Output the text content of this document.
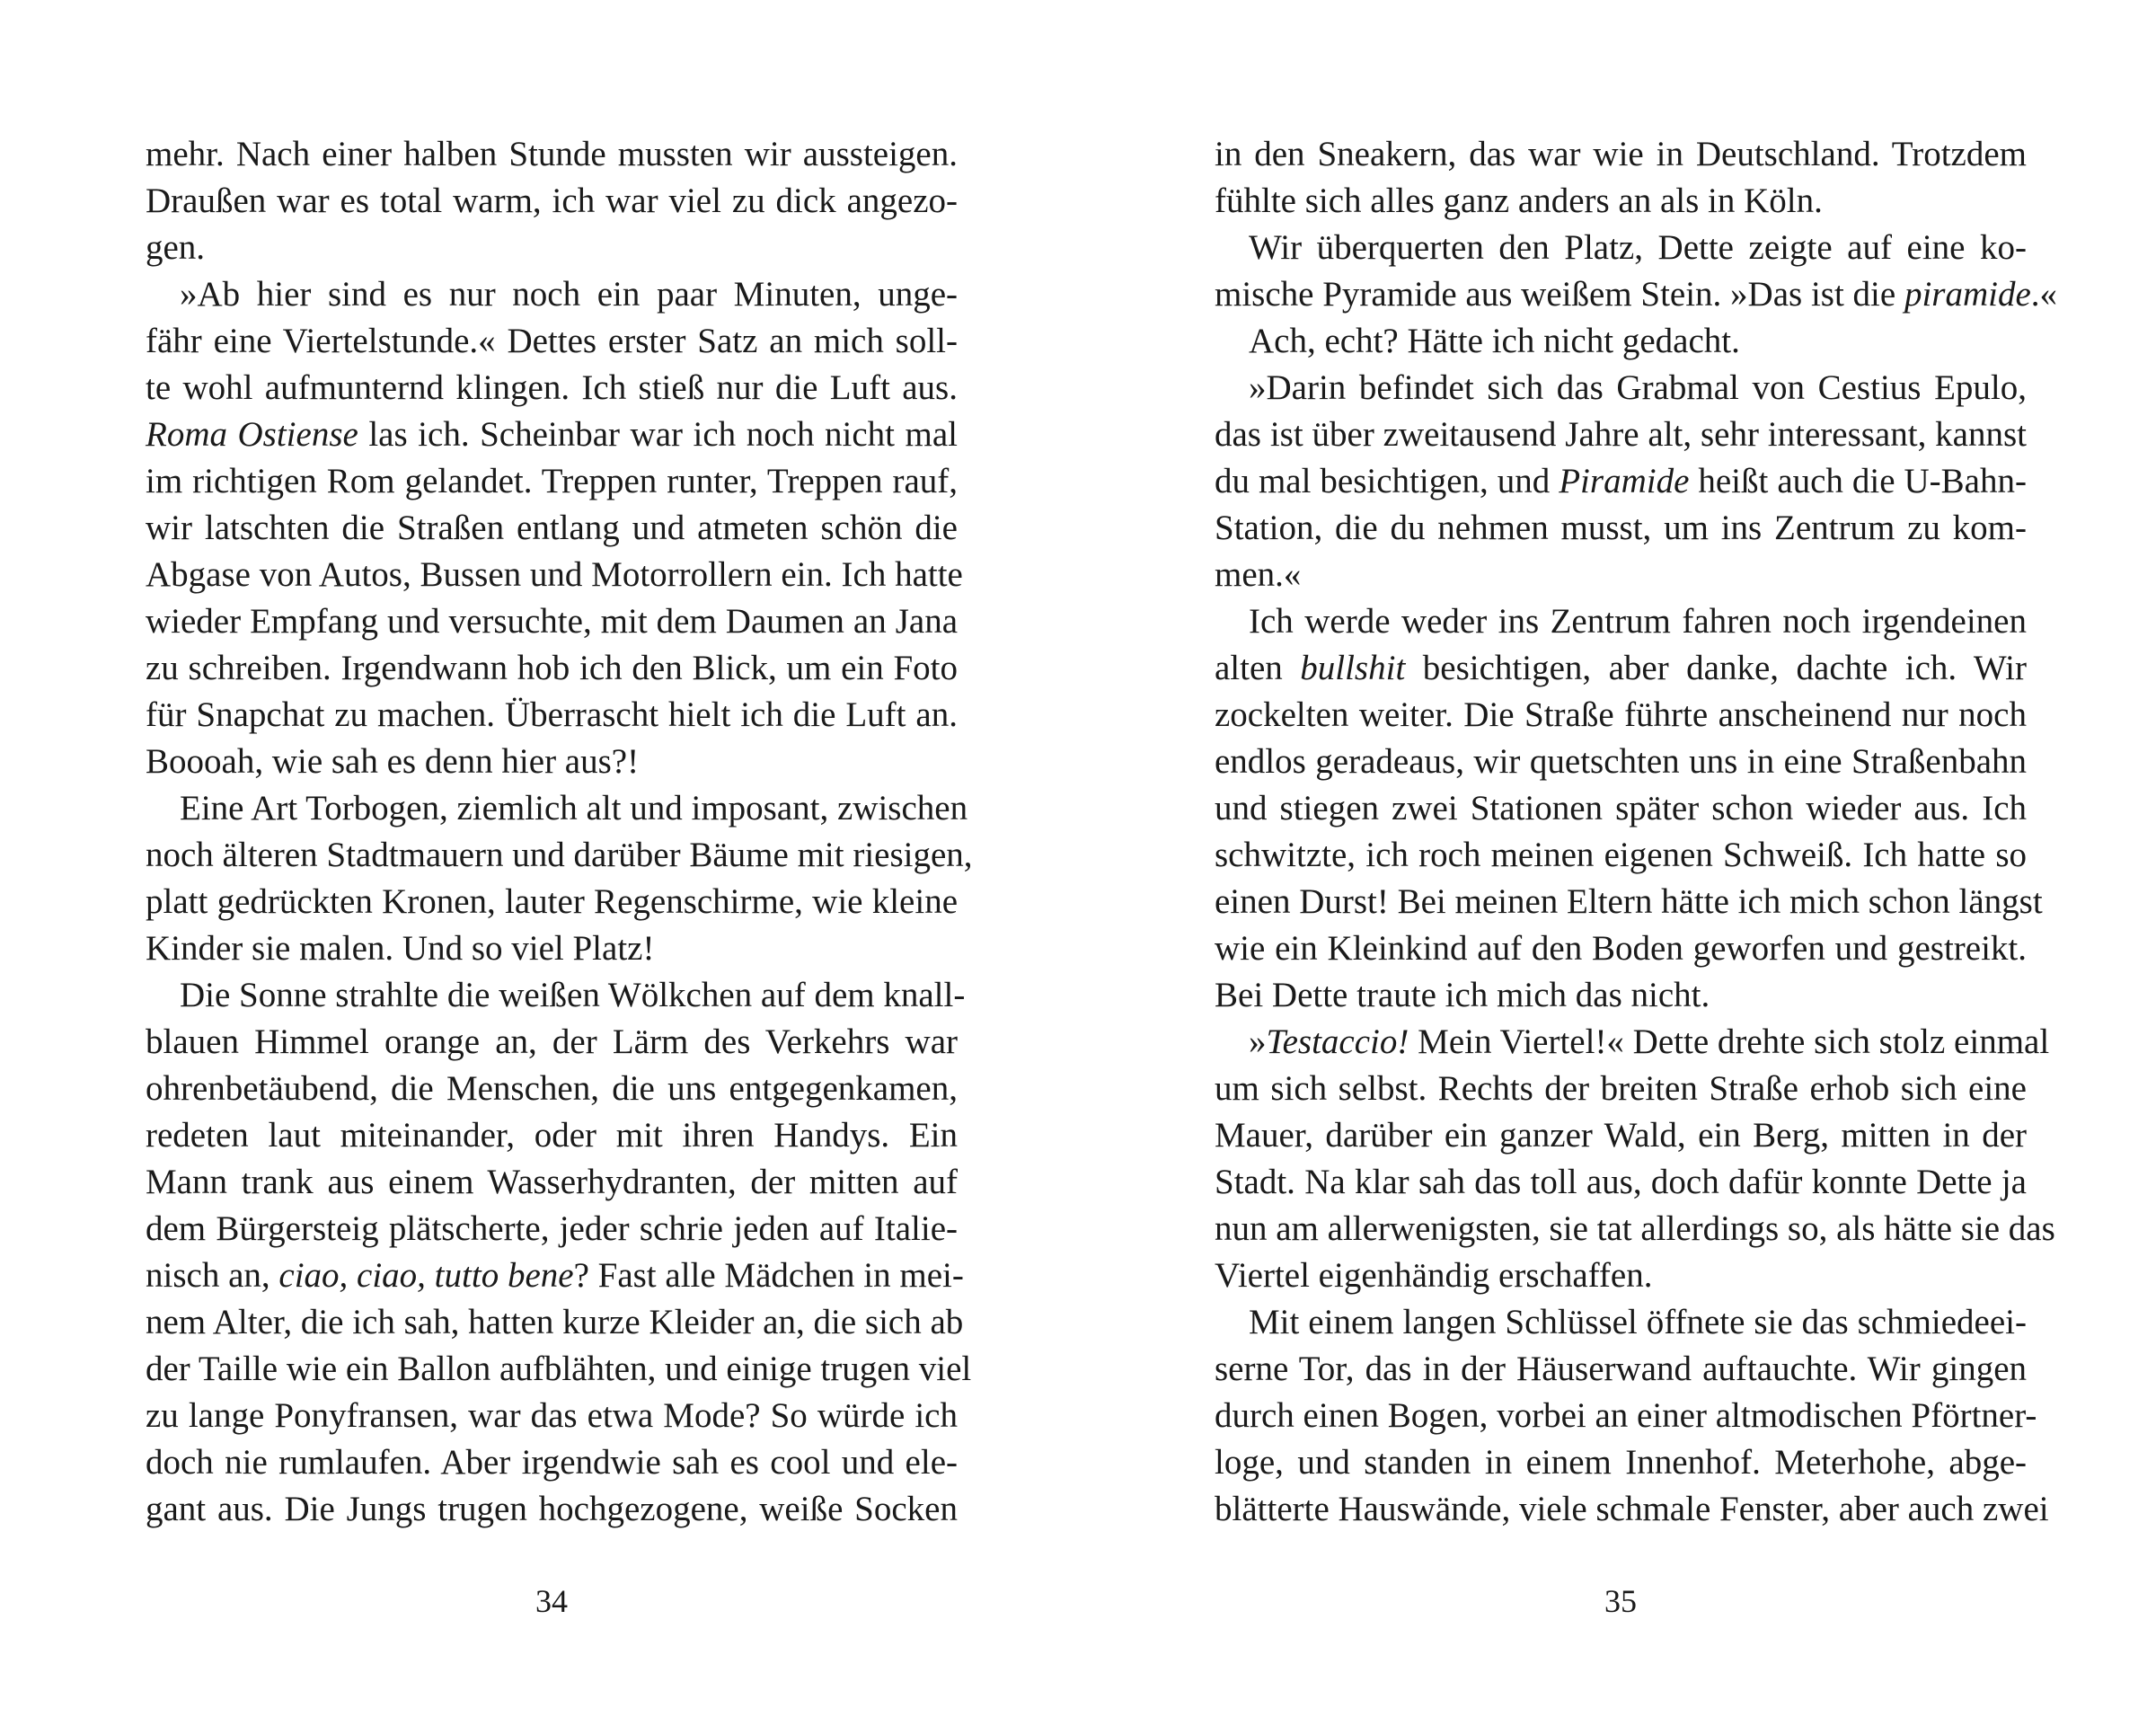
mehr. Nach einer halben Stunde mussten wir aussteigen.
Draußen war es total warm, ich war viel zu dick angezo-
gen.
»Ab hier sind es nur noch ein paar Minuten, unge-
fähr eine Viertelstunde.« Dettes erster Satz an mich soll-
te wohl aufmunternd klingen. Ich stieß nur die Luft aus.
Roma Ostiense las ich. Scheinbar war ich noch nicht mal
im richtigen Rom gelandet. Treppen runter, Treppen rauf,
wir latschten die Straßen entlang und atmeten schön die
Abgase von Autos, Bussen und Motorrollern ein. Ich hatte
wieder Empfang und versuchte, mit dem Daumen an Jana
zu schreiben. Irgendwann hob ich den Blick, um ein Foto
für Snapchat zu machen. Überrascht hielt ich die Luft an.
Boooah, wie sah es denn hier aus?!
Eine Art Torbogen, ziemlich alt und imposant, zwischen
noch älteren Stadtmauern und darüber Bäume mit riesigen,
platt gedrückten Kronen, lauter Regenschirme, wie kleine
Kinder sie malen. Und so viel Platz!
Die Sonne strahlte die weißen Wölkchen auf dem knall-
blauen Himmel orange an, der Lärm des Verkehrs war
ohrenbetäubend, die Menschen, die uns entgegenkamen,
redeten laut miteinander, oder mit ihren Handys. Ein
Mann trank aus einem Wasserhydranten, der mitten auf
dem Bürgersteig plätscherte, jeder schrie jeden auf Italie-
nisch an, ciao, ciao, tutto bene? Fast alle Mädchen in mei-
nem Alter, die ich sah, hatten kurze Kleider an, die sich ab
der Taille wie ein Ballon aufblähten, und einige trugen viel
zu lange Ponyfransen, war das etwa Mode? So würde ich
doch nie rumlaufen. Aber irgendwie sah es cool und ele-
gant aus. Die Jungs trugen hochgezogene, weiße Socken
34
in den Sneakern, das war wie in Deutschland. Trotzdem
fühlte sich alles ganz anders an als in Köln.
Wir überquerten den Platz, Dette zeigte auf eine ko-
mische Pyramide aus weißem Stein. »Das ist die piramide.«
Ach, echt? Hätte ich nicht gedacht.
»Darin befindet sich das Grabmal von Cestius Epulo,
das ist über zweitausend Jahre alt, sehr interessant, kannst
du mal besichtigen, und Piramide heißt auch die U-Bahn-
Station, die du nehmen musst, um ins Zentrum zu kom-
men.«
Ich werde weder ins Zentrum fahren noch irgendeinen
alten bullshit besichtigen, aber danke, dachte ich. Wir
zockelten weiter. Die Straße führte anscheinend nur noch
endlos geradeaus, wir quetschten uns in eine Straßenbahn
und stiegen zwei Stationen später schon wieder aus. Ich
schwitzte, ich roch meinen eigenen Schweiß. Ich hatte so
einen Durst! Bei meinen Eltern hätte ich mich schon längst
wie ein Kleinkind auf den Boden geworfen und gestreikt.
Bei Dette traute ich mich das nicht.
»Testaccio! Mein Viertel!« Dette drehte sich stolz einmal
um sich selbst. Rechts der breiten Straße erhob sich eine
Mauer, darüber ein ganzer Wald, ein Berg, mitten in der
Stadt. Na klar sah das toll aus, doch dafür konnte Dette ja
nun am allerwenigsten, sie tat allerdings so, als hätte sie das
Viertel eigenhändig erschaffen.
Mit einem langen Schlüssel öffnete sie das schmiedeei-
serne Tor, das in der Häuserwand auftauchte. Wir gingen
durch einen Bogen, vorbei an einer altmodischen Pförtner-
loge, und standen in einem Innenhof. Meterhohe, abge-
blätterte Hauswände, viele schmale Fenster, aber auch zwei
35
